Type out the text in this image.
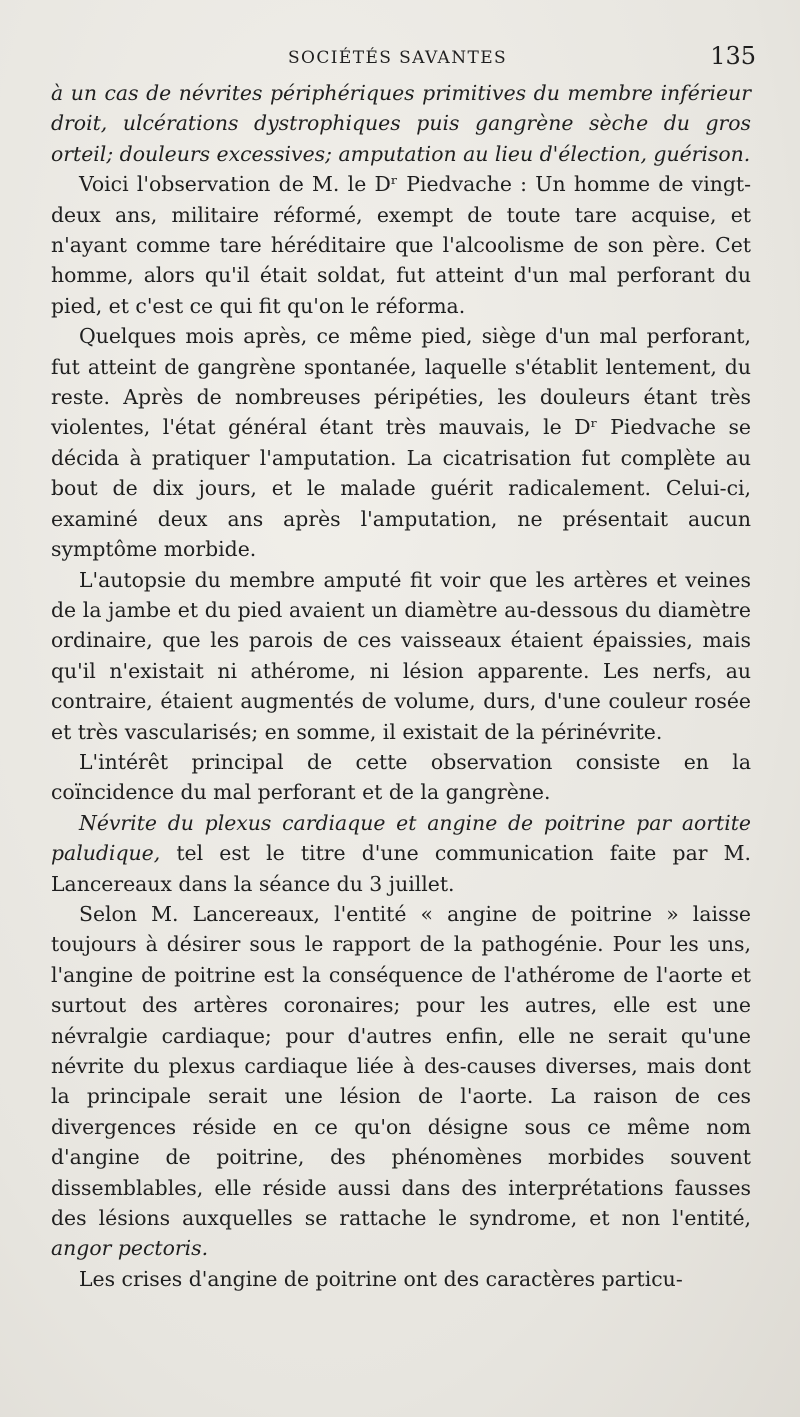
SOCIÉTÉS SAVANTES	135

à un cas de névrites périphériques primitives du membre inférieur droit, ulcérations dystrophiques puis gangrène sèche du gros orteil; douleurs excessives; amputation au lieu d'élection, guérison.

Voici l'observation de M. le Dʳ Piedvache : Un homme de vingt-deux ans, militaire réformé, exempt de toute tare acquise, et n'ayant comme tare héréditaire que l'alcoolisme de son père. Cet homme, alors qu'il était soldat, fut atteint d'un mal perforant du pied, et c'est ce qui fit qu'on le réforma.

Quelques mois après, ce même pied, siège d'un mal perforant, fut atteint de gangrène spontanée, laquelle s'établit lentement, du reste. Après de nombreuses péripéties, les douleurs étant très violentes, l'état général étant très mauvais, le Dʳ Piedvache se décida à pratiquer l'amputation. La cicatrisation fut complète au bout de dix jours, et le malade guérit radicalement. Celui-ci, examiné deux ans après l'amputation, ne présentait aucun symptôme morbide.

L'autopsie du membre amputé fit voir que les artères et veines de la jambe et du pied avaient un diamètre au-dessous du diamètre ordinaire, que les parois de ces vaisseaux étaient épaissies, mais qu'il n'existait ni athérome, ni lésion apparente. Les nerfs, au contraire, étaient augmentés de volume, durs, d'une couleur rosée et très vascularisés; en somme, il existait de la périnévrite.

L'intérêt principal de cette observation consiste en la coïncidence du mal perforant et de la gangrène.

Névrite du plexus cardiaque et angine de poitrine par aortite paludique, tel est le titre d'une communication faite par M. Lancereaux dans la séance du 3 juillet.

Selon M. Lancereaux, l'entité « angine de poitrine » laisse toujours à désirer sous le rapport de la pathogénie. Pour les uns, l'angine de poitrine est la conséquence de l'athérome de l'aorte et surtout des artères coronaires; pour les autres, elle est une névralgie cardiaque; pour d'autres enfin, elle ne serait qu'une névrite du plexus cardiaque liée à des-causes diverses, mais dont la principale serait une lésion de l'aorte. La raison de ces divergences réside en ce qu'on désigne sous ce même nom d'angine de poitrine, des phénomènes morbides souvent dissemblables, elle réside aussi dans des interprétations fausses des lésions auxquelles se rattache le syndrome, et non l'entité, angor pectoris.

Les crises d'angine de poitrine ont des caractères particu-
